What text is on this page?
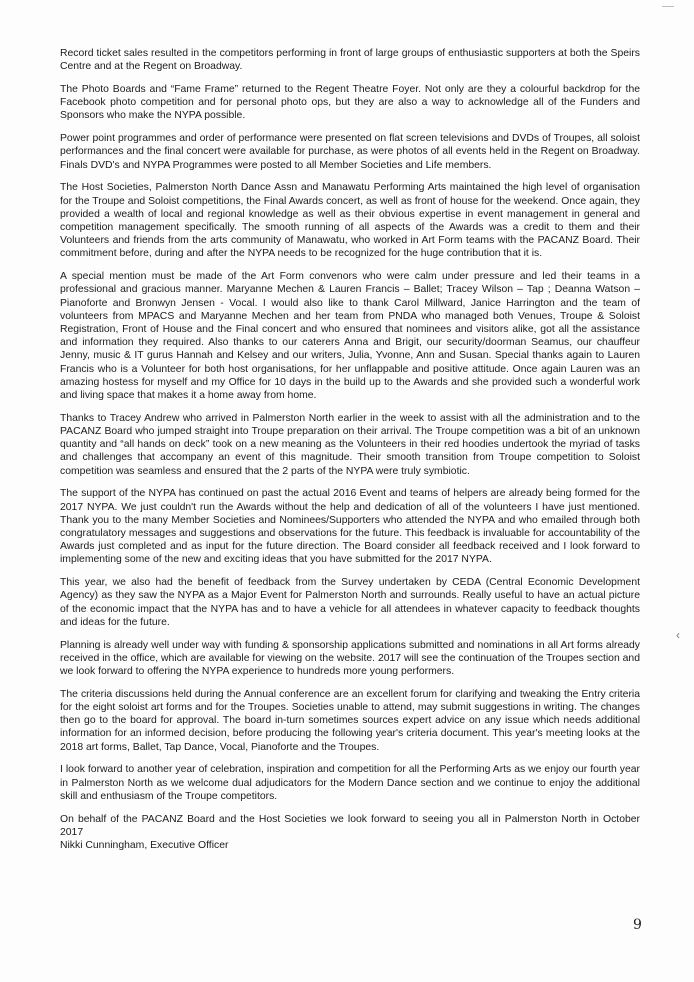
‹

Record ticket sales resulted in the competitors performing in front of large groups of enthusiastic supporters at both the Speirs Centre and at the Regent on Broadway.

The Photo Boards and “Fame Frame” returned to the Regent Theatre Foyer. Not only are they a colourful backdrop for the Facebook photo competition and for personal photo ops, but they are also a way to acknowledge all of the Funders and Sponsors who make the NYPA possible.

Power point programmes and order of performance were presented on flat screen televisions and DVDs of Troupes, all soloist performances and the final concert were available for purchase, as were photos of all events held in the Regent on Broadway. Finals DVD's and NYPA Programmes were posted to all Member Societies and Life members.

The Host Societies, Palmerston North Dance Assn and Manawatu Performing Arts maintained the high level of organisation for the Troupe and Soloist competitions, the Final Awards concert, as well as front of house for the weekend. Once again, they provided a wealth of local and regional knowledge as well as their obvious expertise in event management in general and competition management specifically. The smooth running of all aspects of the Awards was a credit to them and their Volunteers and friends from the arts community of Manawatu, who worked in Art Form teams with the PACANZ Board. Their commitment before, during and after the NYPA needs to be recognized for the huge contribution that it is.

A special mention must be made of the Art Form convenors who were calm under pressure and led their teams in a professional and gracious manner. Maryanne Mechen & Lauren Francis – Ballet; Tracey Wilson – Tap ; Deanna Watson – Pianoforte and Bronwyn Jensen - Vocal. I would also like to thank Carol Millward, Janice Harrington and the team of volunteers from MPACS and Maryanne Mechen and her team from PNDA who managed both Venues, Troupe & Soloist Registration, Front of House and the Final concert and who ensured that nominees and visitors alike, got all the assistance and information they required. Also thanks to our caterers Anna and Brigit, our security/doorman Seamus, our chauffeur Jenny, music & IT gurus Hannah and Kelsey and our writers, Julia, Yvonne, Ann and Susan. Special thanks again to Lauren Francis who is a Volunteer for both host organisations, for her unflappable and positive attitude. Once again Lauren was an amazing hostess for myself and my Office for 10 days in the build up to the Awards and she provided such a wonderful work and living space that makes it a home away from home.

Thanks to Tracey Andrew who arrived in Palmerston North earlier in the week to assist with all the administration and to the PACANZ Board who jumped straight into Troupe preparation on their arrival. The Troupe competition was a bit of an unknown quantity and “all hands on deck” took on a new meaning as the Volunteers in their red hoodies undertook the myriad of tasks and challenges that accompany an event of this magnitude. Their smooth transition from Troupe competition to Soloist competition was seamless and ensured that the 2 parts of the NYPA were truly symbiotic.

The support of the NYPA has continued on past the actual 2016 Event and teams of helpers are already being formed for the 2017 NYPA. We just couldn't run the Awards without the help and dedication of all of the volunteers I have just mentioned. Thank you to the many Member Societies and Nominees/Supporters who attended the NYPA and who emailed through both congratulatory messages and suggestions and observations for the future. This feedback is invaluable for accountability of the Awards just completed and as input for the future direction. The Board consider all feedback received and I look forward to implementing some of the new and exciting ideas that you have submitted for the 2017 NYPA.

This year, we also had the benefit of feedback from the Survey undertaken by CEDA (Central Economic Development Agency) as they saw the NYPA as a Major Event for Palmerston North and surrounds. Really useful to have an actual picture of the economic impact that the NYPA has and to have a vehicle for all attendees in whatever capacity to feedback thoughts and ideas for the future.

Planning is already well under way with funding & sponsorship applications submitted and nominations in all Art forms already received in the office, which are available for viewing on the website. 2017 will see the continuation of the Troupes section and we look forward to offering the NYPA experience to hundreds more young performers.

The criteria discussions held during the Annual conference are an excellent forum for clarifying and tweaking the Entry criteria for the eight soloist art forms and for the Troupes. Societies unable to attend, may submit suggestions in writing. The changes then go to the board for approval. The board in-turn sometimes sources expert advice on any issue which needs additional information for an informed decision, before producing the following year's criteria document. This year's meeting looks at the 2018 art forms, Ballet, Tap Dance, Vocal, Pianoforte and the Troupes.

I look forward to another year of celebration, inspiration and competition for all the Performing Arts as we enjoy our fourth year in Palmerston North as we welcome dual adjudicators for the Modern Dance section and we continue to enjoy the additional skill and enthusiasm of the Troupe competitors.

On behalf of the PACANZ Board and the Host Societies we look forward to seeing you all in Palmerston North in October 2017

Nikki Cunningham, Executive Officer

9
